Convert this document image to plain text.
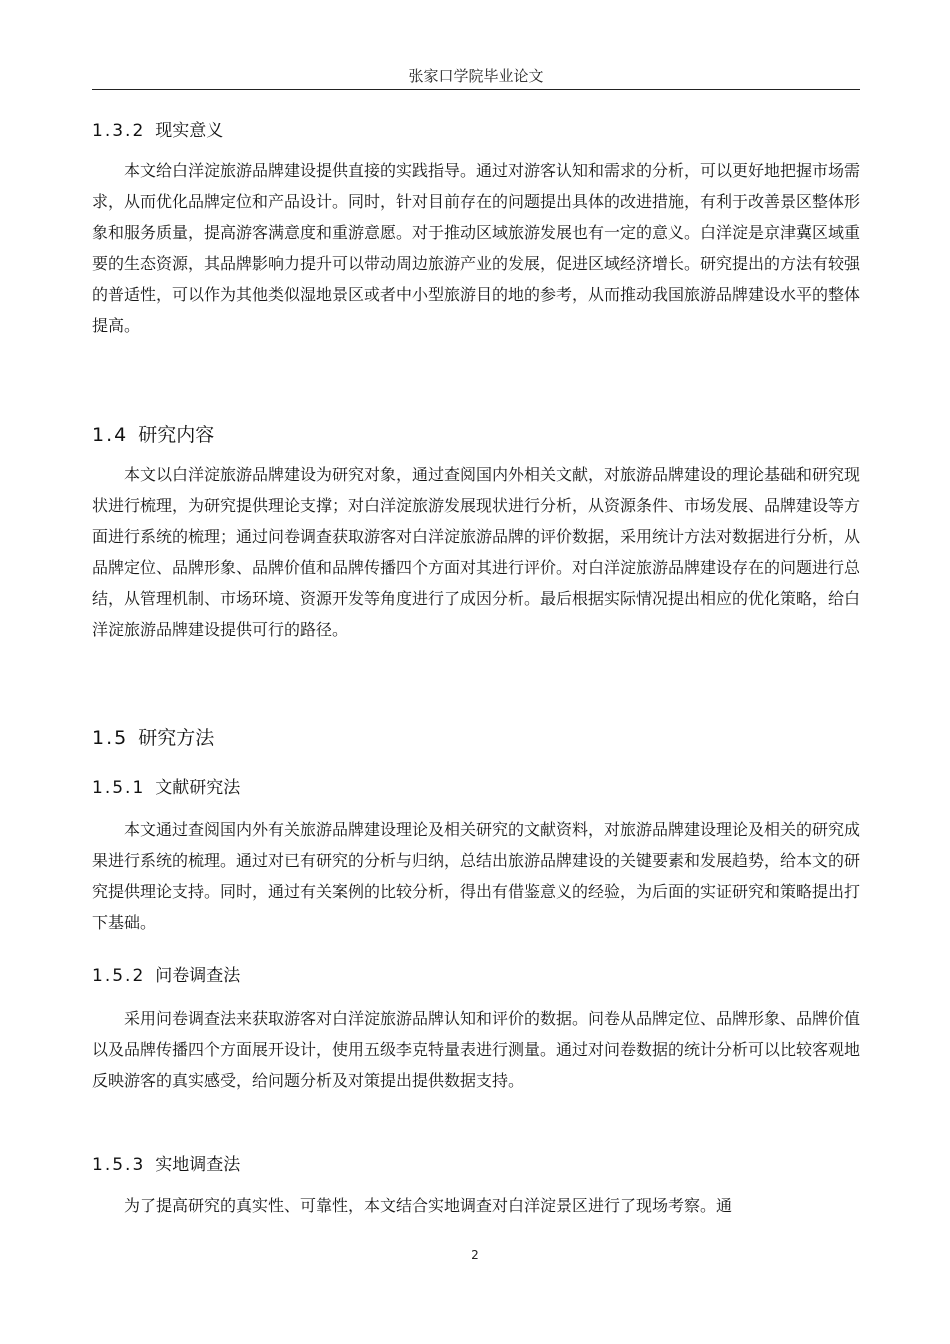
张家口学院毕业论文
1.3.2 现实意义

本文给白洋淀旅游品牌建设提供直接的实践指导。通过对游客认知和需求的分析，可以更好地把握市场需求，从而优化品牌定位和产品设计。同时，针对目前存在的问题提出具体的改进措施，有利于改善景区整体形象和服务质量，提高游客满意度和重游意愿。对于推动区域旅游发展也有一定的意义。白洋淀是京津冀区域重要的生态资源，其品牌影响力提升可以带动周边旅游产业的发展，促进区域经济增长。研究提出的方法有较强的普适性，可以作为其他类似湿地景区或者中小型旅游目的地的参考，从而推动我国旅游品牌建设水平的整体提高。

1.4 研究内容

本文以白洋淀旅游品牌建设为研究对象，通过查阅国内外相关文献，对旅游品牌建设的理论基础和研究现状进行梳理，为研究提供理论支撑；对白洋淀旅游发展现状进行分析，从资源条件、市场发展、品牌建设等方面进行系统的梳理；通过问卷调查获取游客对白洋淀旅游品牌的评价数据，采用统计方法对数据进行分析，从品牌定位、品牌形象、品牌价值和品牌传播四个方面对其进行评价。对白洋淀旅游品牌建设存在的问题进行总结，从管理机制、市场环境、资源开发等角度进行了成因分析。最后根据实际情况提出相应的优化策略，给白洋淀旅游品牌建设提供可行的路径。

1.5 研究方法
1.5.1 文献研究法

本文通过查阅国内外有关旅游品牌建设理论及相关研究的文献资料，对旅游品牌建设理论及相关的研究成果进行系统的梳理。通过对已有研究的分析与归纳，总结出旅游品牌建设的关键要素和发展趋势，给本文的研究提供理论支持。同时，通过有关案例的比较分析，得出有借鉴意义的经验，为后面的实证研究和策略提出打下基础。

1.5.2 问卷调查法

采用问卷调查法来获取游客对白洋淀旅游品牌认知和评价的数据。问卷从品牌定位、品牌形象、品牌价值以及品牌传播四个方面展开设计，使用五级李克特量表进行测量。通过对问卷数据的统计分析可以比较客观地反映游客的真实感受，给问题分析及对策提出提供数据支持。

1.5.3 实地调查法

为了提高研究的真实性、可靠性，本文结合实地调查对白洋淀景区进行了现场考察。通

2
